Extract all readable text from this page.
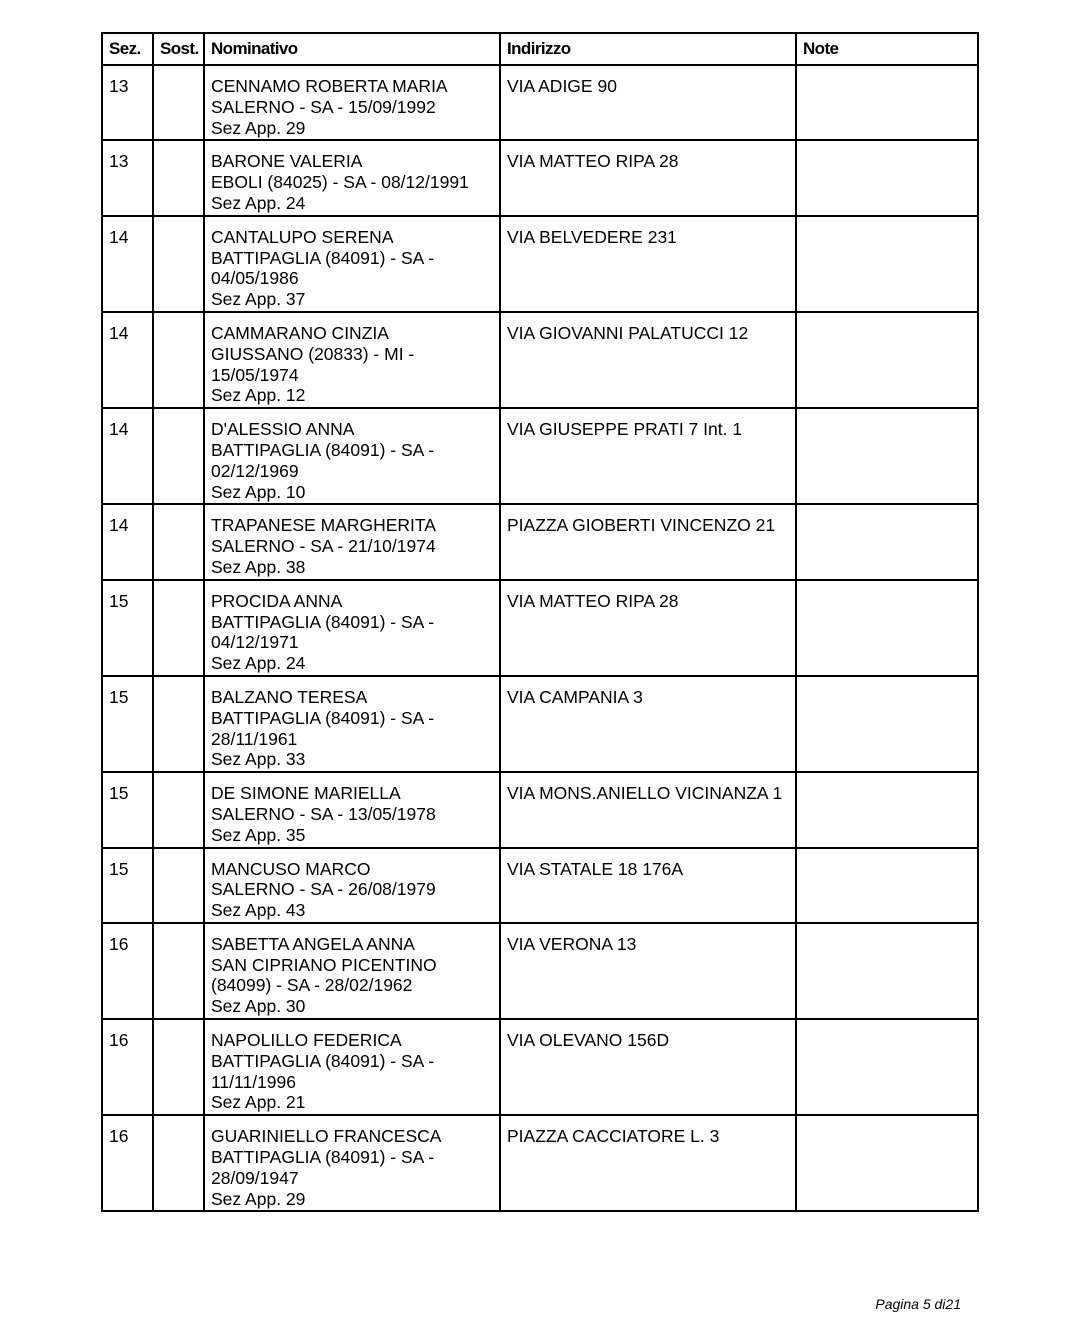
Sez.	Sost.	Nominativo	Indirizzo	Note
13		CENNAMO ROBERTA MARIA
SALERNO - SA - 15/09/1992
Sez App. 29	VIA ADIGE 90	
13		BARONE VALERIA
EBOLI (84025) - SA - 08/12/1991
Sez App. 24	VIA MATTEO RIPA 28	
14		CANTALUPO SERENA
BATTIPAGLIA (84091) - SA -
04/05/1986
Sez App. 37	VIA BELVEDERE 231	
14		CAMMARANO CINZIA
GIUSSANO (20833) - MI -
15/05/1974
Sez App. 12	VIA GIOVANNI PALATUCCI 12	
14		D'ALESSIO ANNA
BATTIPAGLIA (84091) - SA -
02/12/1969
Sez App. 10	VIA GIUSEPPE PRATI 7 Int. 1	
14		TRAPANESE MARGHERITA
SALERNO - SA - 21/10/1974
Sez App. 38	PIAZZA GIOBERTI VINCENZO 21	
15		PROCIDA ANNA
BATTIPAGLIA (84091) - SA -
04/12/1971
Sez App. 24	VIA MATTEO RIPA 28	
15		BALZANO TERESA
BATTIPAGLIA (84091) - SA -
28/11/1961
Sez App. 33	VIA CAMPANIA 3	
15		DE SIMONE MARIELLA
SALERNO - SA - 13/05/1978
Sez App. 35	VIA MONS.ANIELLO VICINANZA 1	
15		MANCUSO MARCO
SALERNO - SA - 26/08/1979
Sez App. 43	VIA STATALE 18 176A	
16		SABETTA ANGELA ANNA
SAN CIPRIANO PICENTINO
(84099) - SA - 28/02/1962
Sez App. 30	VIA VERONA 13	
16		NAPOLILLO FEDERICA
BATTIPAGLIA (84091) - SA -
11/11/1996
Sez App. 21	VIA OLEVANO 156D	
16		GUARINIELLO FRANCESCA
BATTIPAGLIA (84091) - SA -
28/09/1947
Sez App. 29	PIAZZA CACCIATORE L. 3	
Pagina 5 di21
